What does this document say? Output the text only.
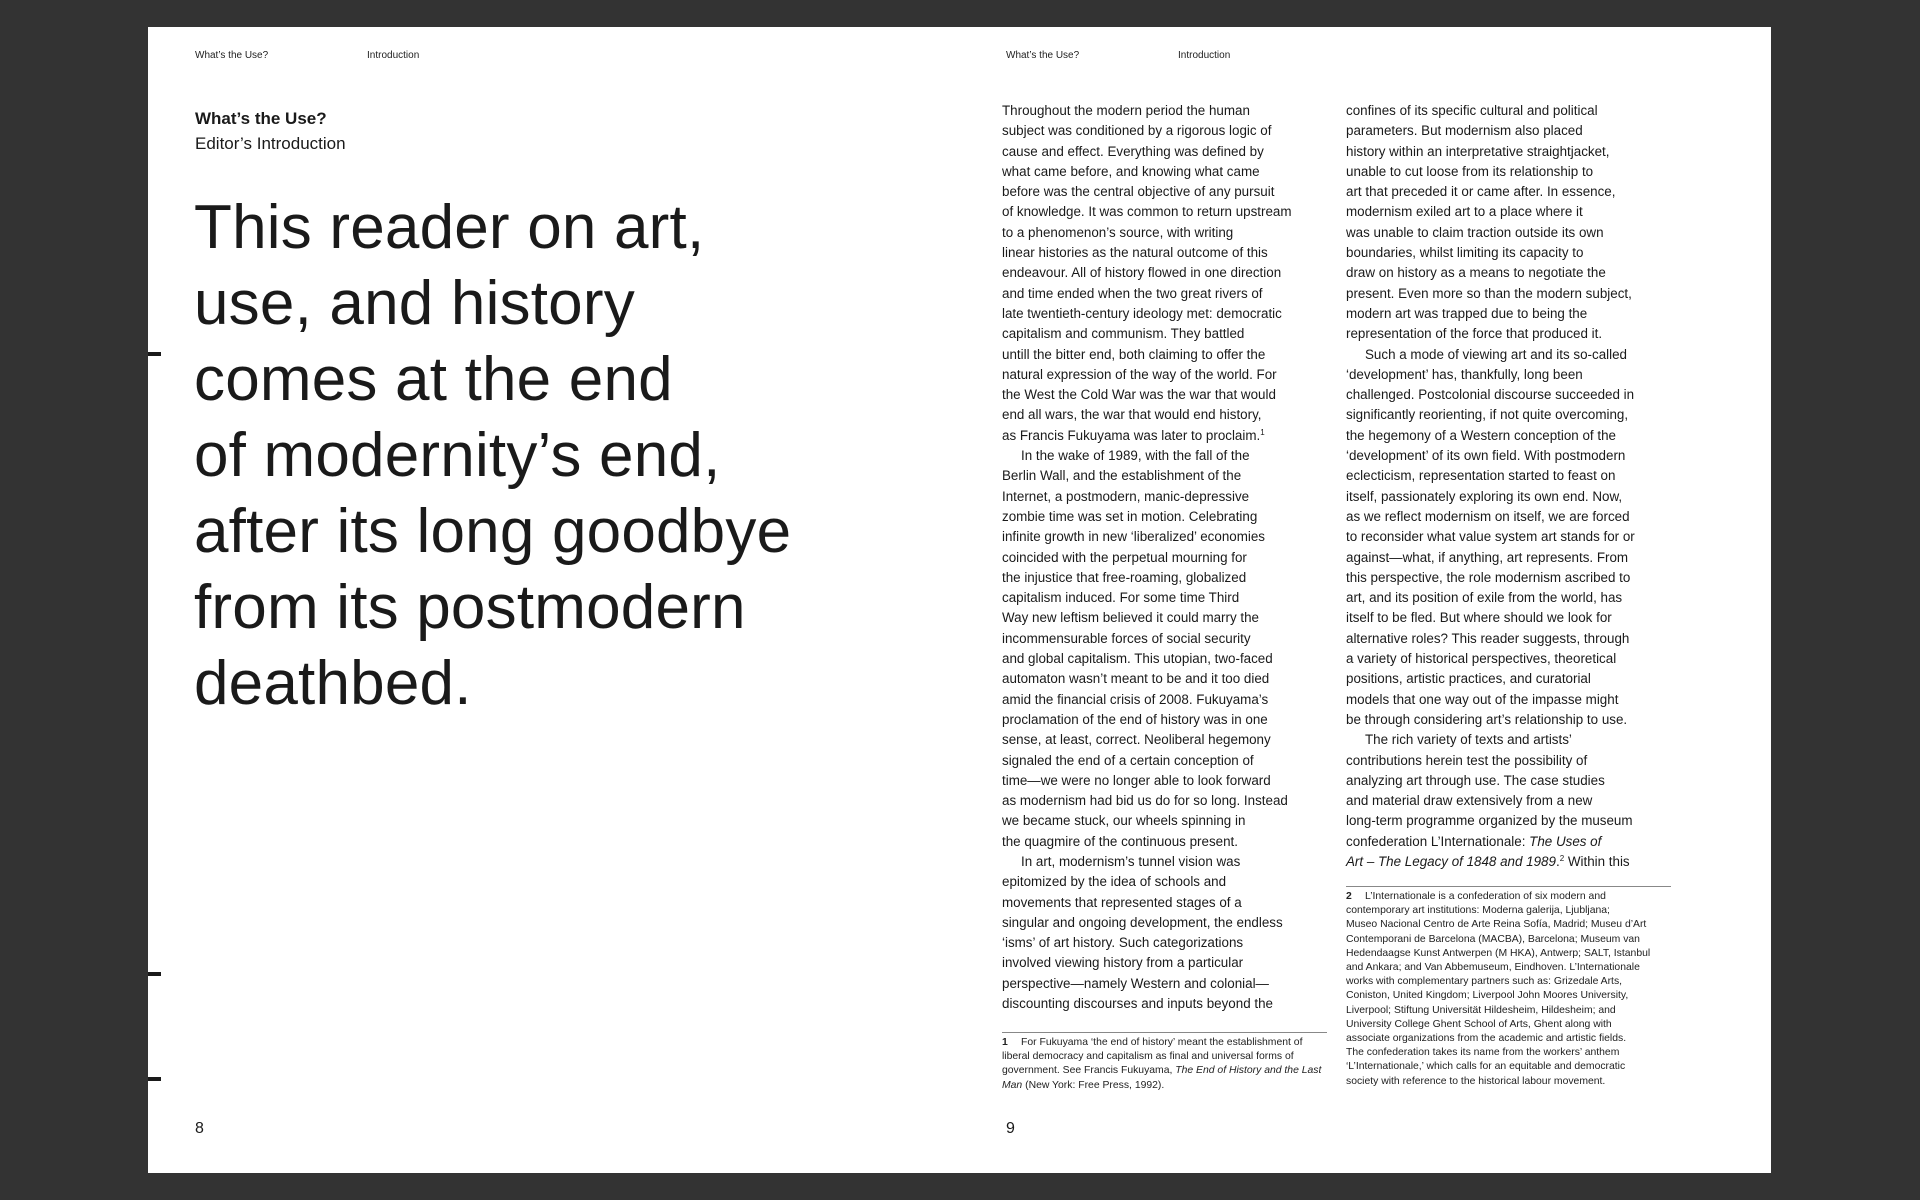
What’s the Use?	Introduction
What’s the Use?
Editor’s Introduction
This reader on art,
use, and history
comes at the end
of modernity’s end,
after its long goodbye
from its postmodern
deathbed.
8
What’s the Use?	Introduction

Throughout the modern period the human

subject was conditioned by a rigorous logic of

cause and effect. Everything was defined by

what came before, and knowing what came

before was the central objective of any pursuit

of knowledge. It was common to return upstream

to a phenomenon’s source, with writing

linear histories as the natural outcome of this

endeavour. All of history flowed in one direction

and time ended when the two great rivers of

late twentieth-century ideology met: democratic

capitalism and communism. They battled

untill the bitter end, both claiming to offer the

natural expression of the way of the world. For

the West the Cold War was the war that would

end all wars, the war that would end history,

as Francis Fukuyama was later to proclaim.$^1$

In the wake of 1989, with the fall of the

Berlin Wall, and the establishment of the

Internet, a postmodern, manic-depressive

zombie time was set in motion. Celebrating

infinite growth in new ‘liberalized’ economies

coincided with the perpetual mourning for

the injustice that free-roaming, globalized

capitalism induced. For some time Third

Way new leftism believed it could marry the

incommensurable forces of social security

and global capitalism. This utopian, two-faced

automaton wasn’t meant to be and it too died

amid the financial crisis of 2008. Fukuyama’s

proclamation of the end of history was in one

sense, at least, correct. Neoliberal hegemony

signaled the end of a certain conception of

time—we were no longer able to look forward

as modernism had bid us do for so long. Instead

we became stuck, our wheels spinning in

the quagmire of the continuous present.

In art, modernism’s tunnel vision was

epitomized by the idea of schools and

movements that represented stages of a

singular and ongoing development, the endless

‘isms’ of art history. Such categorizations

involved viewing history from a particular

perspective—namely Western and colonial—

discounting discourses and inputs beyond the

confines of its specific cultural and political

parameters. But modernism also placed

history within an interpretative straightjacket,

unable to cut loose from its relationship to

art that preceded it or came after. In essence,

modernism exiled art to a place where it

was unable to claim traction outside its own

boundaries, whilst limiting its capacity to

draw on history as a means to negotiate the

present. Even more so than the modern subject,

modern art was trapped due to being the

representation of the force that produced it.

Such a mode of viewing art and its so-called

‘development’ has, thankfully, long been

challenged. Postcolonial discourse succeeded in

significantly reorienting, if not quite overcoming,

the hegemony of a Western conception of the

‘development’ of its own field. With postmodern

eclecticism, representation started to feast on

itself, passionately exploring its own end. Now,

as we reflect modernism on itself, we are forced

to reconsider what value system art stands for or

against—what, if anything, art represents. From

this perspective, the role modernism ascribed to

art, and its position of exile from the world, has

itself to be fled. But where should we look for

alternative roles? This reader suggests, through

a variety of historical perspectives, theoretical

positions, artistic practices, and curatorial

models that one way out of the impasse might

be through considering art’s relationship to use.

The rich variety of texts and artists’

contributions herein test the possibility of

analyzing art through use. The case studies

and material draw extensively from a new

long-term programme organized by the museum

confederation L’Internationale: The Uses of

Art – The Legacy of 1848 and 1989.$^2$ Within this

1 For Fukuyama ‘the end of history’ meant the establishment of

liberal democracy and capitalism as final and universal forms of

government. See Francis Fukuyama, The End of History and the Last

Man (New York: Free Press, 1992).

2 L’Internationale is a confederation of six modern and

contemporary art institutions: Moderna galerija, Ljubljana;

Museo Nacional Centro de Arte Reina Sofía, Madrid; Museu d’Art

Contemporani de Barcelona (MACBA), Barcelona; Museum van

Hedendaagse Kunst Antwerpen (M HKA), Antwerp; SALT, Istanbul

and Ankara; and Van Abbemuseum, Eindhoven. L’Internationale

works with complementary partners such as: Grizedale Arts,

Coniston, United Kingdom; Liverpool John Moores University,

Liverpool; Stiftung Universität Hildesheim, Hildesheim; and

University College Ghent School of Arts, Ghent along with

associate organizations from the academic and artistic fields.

The confederation takes its name from the workers’ anthem

‘L’Internationale,’ which calls for an equitable and democratic

society with reference to the historical labour movement.

9
